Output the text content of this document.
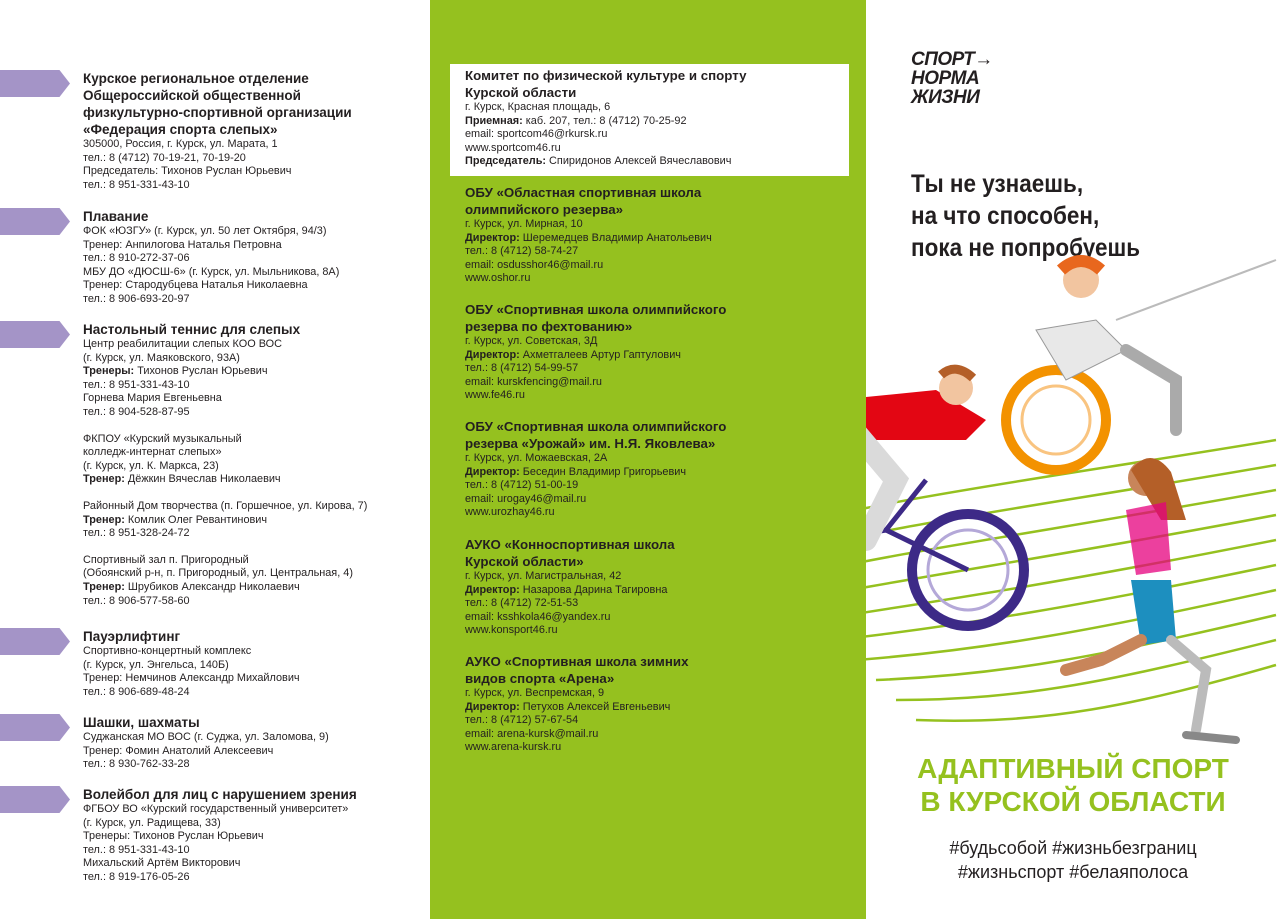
Курское региональное отделение

Общероссийской общественной

физкультурно-спортивной организации

«Федерация спорта слепых»

305000, Россия, г. Курск, ул. Марата, 1

тел.: 8 (4712) 70-19-21, 70-19-20

Председатель: Тихонов Руслан Юрьевич

тел.: 8 951-331-43-10

Плавание

ФОК «ЮЗГУ» (г. Курск, ул. 50 лет Октября, 94/3)

Тренер: Анпилогова Наталья Петровна

тел.: 8 910-272-37-06

МБУ ДО «ДЮСШ-6» (г. Курск, ул. Мыльникова, 8А)

Тренер: Стародубцева Наталья Николаевна

тел.: 8 906-693-20-97

Настольный теннис для слепых

Центр реабилитации слепых КОО ВОС

(г. Курск, ул. Маяковского, 93А)

Тренеры: Тихонов Руслан Юрьевич

тел.: 8 951-331-43-10

Горнева Мария Евгеньевна

тел.: 8 904-528-87-95

ФКПОУ «Курский музыкальный

колледж-интернат слепых»

(г. Курск, ул. К. Маркса, 23)

Тренер: Дёжкин Вячеслав Николаевич

Районный Дом творчества (п. Горшечное, ул. Кирова, 7)

Тренер: Комлик Олег Ревантинович

тел.: 8 951-328-24-72

Спортивный зал п. Пригородный

(Обоянский р-н, п. Пригородный, ул. Центральная, 4)

Тренер: Шрубиков Александр Николаевич

тел.: 8 906-577-58-60

Пауэрлифтинг

Спортивно-концертный комплекс

(г. Курск, ул. Энгельса, 140Б)

Тренер: Немчинов Александр Михайлович

тел.: 8 906-689-48-24

Шашки, шахматы

Суджанская МО ВОС (г. Суджа, ул. Заломова, 9)

Тренер: Фомин Анатолий Алексеевич

тел.: 8 930-762-33-28

Волейбол для лиц с нарушением зрения

ФГБОУ ВО «Курский государственный университет»

(г. Курск, ул. Радищева, 33)

Тренеры: Тихонов Руслан Юрьевич

тел.: 8 951-331-43-10

Михальский Артём Викторович

тел.: 8 919-176-05-26

Комитет по физической культуре и спорту

Курской области

г. Курск, Красная площадь, 6

Приемная: каб. 207, тел.: 8 (4712) 70-25-92

email: sportcom46@rkursk.ru

www.sportcom46.ru

Председатель: Спиридонов Алексей Вячеславович

ОБУ «Областная спортивная школа

олимпийского резерва»

г. Курск, ул. Мирная, 10

Директор: Шеремедцев Владимир Анатольевич

тел.: 8 (4712) 58-74-27

email: osdusshor46@mail.ru

www.oshor.ru

ОБУ «Спортивная школа олимпийского

резерва по фехтованию»

г. Курск, ул. Советская, 3Д

Директор: Ахметгалеев Артур Гаптулович

тел.: 8 (4712) 54-99-57

email: kurskfencing@mail.ru

www.fe46.ru

ОБУ «Спортивная школа олимпийского

резерва «Урожай» им. Н.Я. Яковлева»

г. Курск, ул. Можаевская, 2А

Директор: Беседин Владимир Григорьевич

тел.: 8 (4712) 51-00-19

email: urogay46@mail.ru

www.urozhay46.ru

АУКО «Конноспортивная школа

Курской области»

г. Курск, ул. Магистральная, 42

Директор: Назарова Дарина Тагировна

тел.: 8 (4712) 72-51-53

email: ksshkola46@yandex.ru

www.konsport46.ru

АУКО «Спортивная школа зимних

видов спорта «Арена»

г. Курск, ул. Веспремская, 9

Директор: Петухов Алексей Евгеньевич

тел.: 8 (4712) 57-67-54

email: arena-kursk@mail.ru

www.arena-kursk.ru

СПОРТ→
НОРМА
ЖИЗНИ
Ты не узнаешь,
на что способен,
пока не попробуешь
АДАПТИВНЫЙ СПОРТ
В КУРСКОЙ ОБЛАСТИ
#будьсобой #жизньбезграниц
#жизньспорт #белаяполоса
